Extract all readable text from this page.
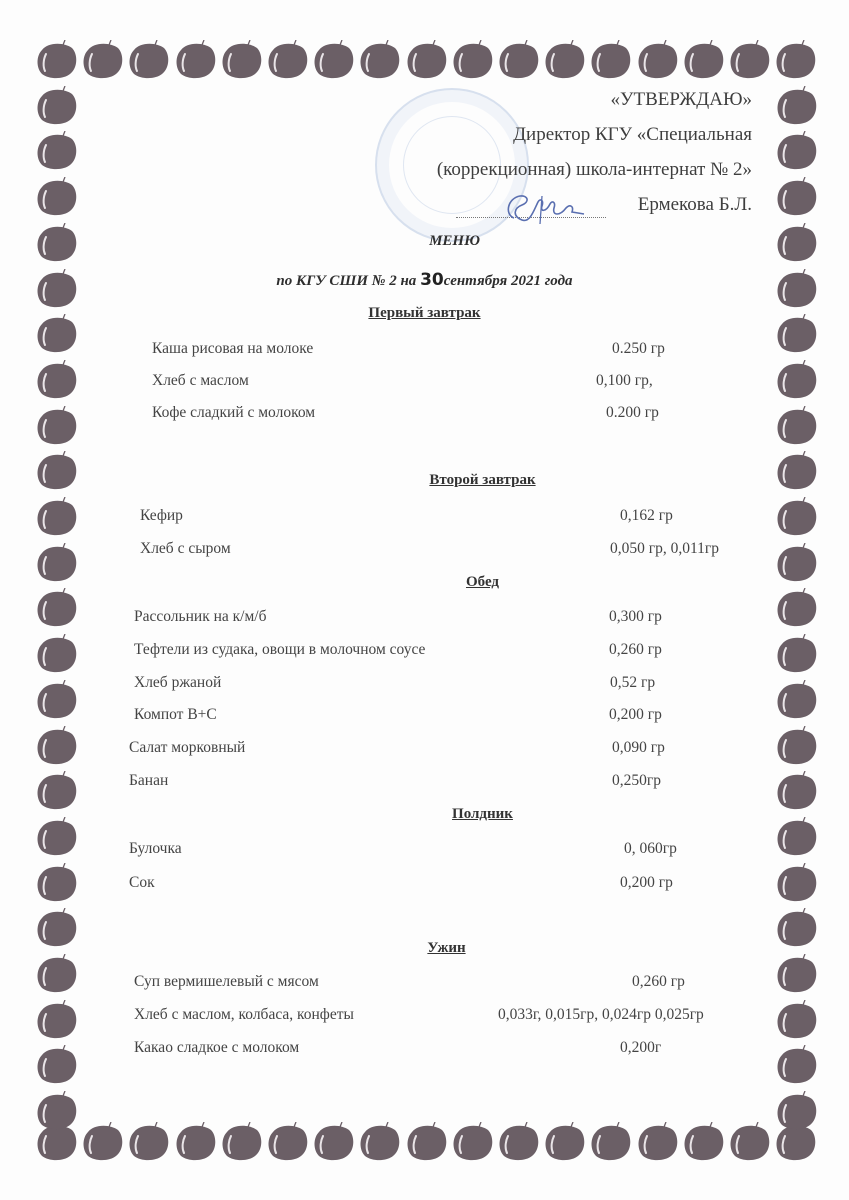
«УТВЕРЖДАЮ»
Директор КГУ «Специальная
(коррекционная) школа-интернат № 2»
Ермекова Б.Л.
МЕНЮ
по КГУ СШИ № 2 на 30сентября 2021 года
Первый завтрак
Каша рисовая на молоке	0.250 гр
Хлеб с маслом	0,100 гр,
Кофе сладкий с молоком	0.200 гр
Второй завтрак
Кефир	0,162 гр
Хлеб с сыром	0,050 гр, 0,011гр
Обед
Рассольник на к/м/б	0,300 гр
Тефтели из судака, овощи в молочном соусе	0,260 гр
Хлеб ржаной	0,52 гр
Компот В+С	0,200 гр
Салат морковный	0,090 гр
Банан	0,250гр
Полдник
Булочка	0, 060гр
Сок	0,200 гр
Ужин
Суп вермишелевый с мясом	0,260 гр
Хлеб с маслом, колбаса, конфеты	0,033г, 0,015гр, 0,024гр 0,025гр
Какао сладкое с молоком	0,200г
